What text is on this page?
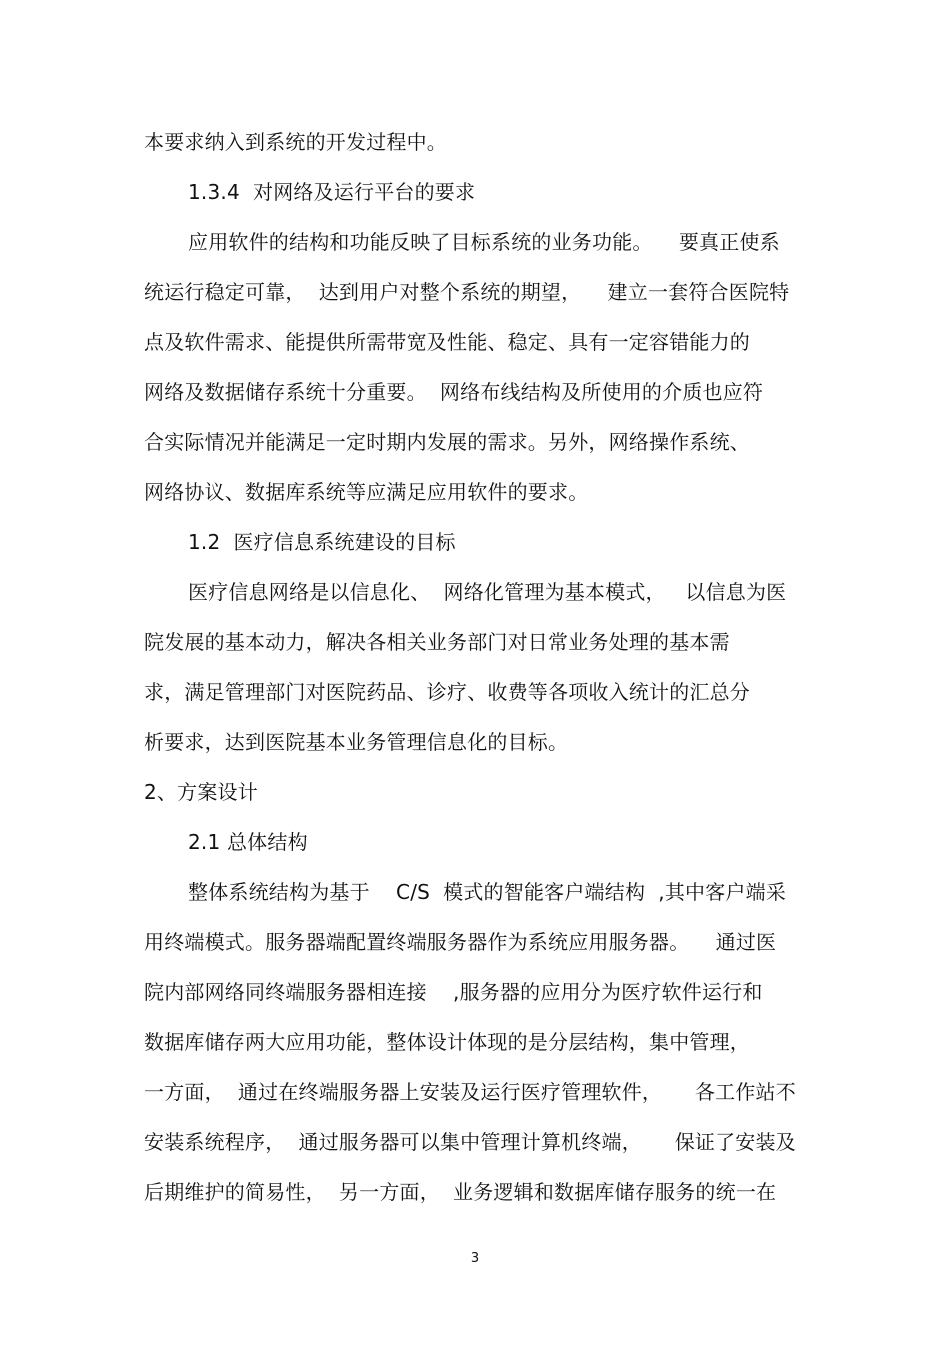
本要求纳入到系统的开发过程中。
1.3.4  对网络及运行平台的要求
应用软件的结构和功能反映了目标系统的业务功能。    要真正使系
统运行稳定可靠，  达到用户对整个系统的期望，    建立一套符合医院特
点及软件需求、能提供所需带宽及性能、稳定、具有一定容错能力的
网络及数据储存系统十分重要。  网络布线结构及所使用的介质也应符
合实际情况并能满足一定时期内发展的需求。另外，网络操作系统、
网络协议、数据库系统等应满足应用软件的要求。
1.2  医疗信息系统建设的目标
医疗信息网络是以信息化、  网络化管理为基本模式，   以信息为医
院发展的基本动力，解决各相关业务部门对日常业务处理的基本需
求，满足管理部门对医院药品、诊疗、收费等各项收入统计的汇总分
析要求，达到医院基本业务管理信息化的目标。
2、方案设计
2.1 总体结构
整体系统结构为基于    C/S  模式的智能客户端结构  ,其中客户端采
用终端模式。服务器端配置终端服务器作为系统应用服务器。    通过医
院内部网络同终端服务器相连接    ,服务器的应用分为医疗软件运行和
数据库储存两大应用功能，整体设计体现的是分层结构，集中管理，
一方面，  通过在终端服务器上安装及运行医疗管理软件，     各工作站不
安装系统程序，  通过服务器可以集中管理计算机终端，     保证了安装及
后期维护的简易性，  另一方面，  业务逻辑和数据库储存服务的统一在
3
